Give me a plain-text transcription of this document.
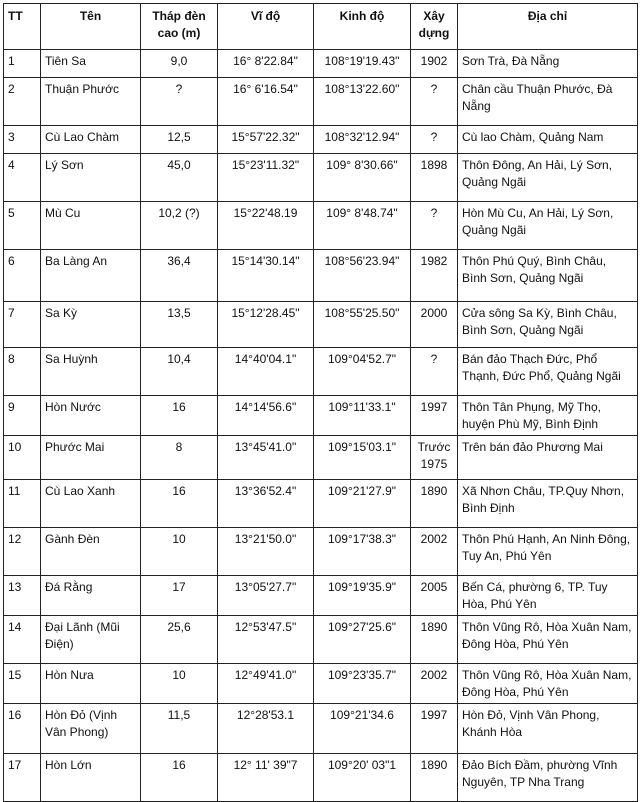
TT	Tên	Tháp đèn cao (m)	Vĩ độ	Kinh độ	Xây dựng	Địa chỉ
1	Tiên Sa	9,0	16° 8'22.84"	108°19'19.43"	1902	Sơn Trà, Đà Nẵng
2	Thuận Phước	?	16° 6'16.54"	108°13'22.60"	?	Chân cầu Thuận Phước, Đà Nẵng
3	Cù Lao Chàm	12,5	15°57'22.32"	108°32'12.94"	?	Cù lao Chàm, Quảng Nam
4	Lý Sơn	45,0	15°23'11.32"	109° 8'30.66"	1898	Thôn Đông, An Hải, Lý Sơn, Quảng Ngãi
5	Mù Cu	10,2 (?)	15°22'48.19	109° 8'48.74"	?	Hòn Mù Cu, An Hải, Lý Sơn, Quảng Ngãi
6	Ba Làng An	36,4	15°14'30.14"	108°56'23.94"	1982	Thôn Phú Quý, Bình Châu, Bình Sơn, Quảng Ngãi
7	Sa Kỳ	13,5	15°12'28.45"	108°55'25.50"	2000	Cửa sông Sa Kỳ, Bình Châu, Bình Sơn, Quảng Ngãi
8	Sa Huỳnh	10,4	14°40'04.1"	109°04'52.7"	?	Bán đảo Thạch Đức, Phổ Thạnh, Đức Phổ, Quảng Ngãi
9	Hòn Nước	16	14°14'56.6"	109°11'33.1"	1997	Thôn Tân Phụng, Mỹ Thọ, huyện Phù Mỹ, Bình Định
10	Phước Mai	8	13°45'41.0"	109°15'03.1"	Trước 1975	Trên bán đảo Phương Mai
11	Cù Lao Xanh	16	13°36'52.4"	109°21'27.9"	1890	Xã Nhơn Châu, TP.Quy Nhơn, Bình Định
12	Gành Đèn	10	13°21'50.0"	109°17'38.3"	2002	Thôn Phú Hạnh, An Ninh Đông, Tuy An, Phú Yên
13	Đá Rằng	17	13°05'27.7"	109°19'35.9"	2005	Bến Cá, phường 6, TP. Tuy Hòa, Phú Yên
14	Đại Lãnh (Mũi Điện)	25,6	12°53'47.5"	109°27'25.6"	1890	Thôn Vũng Rô, Hòa Xuân Nam, Đông Hòa, Phú Yên
15	Hòn Nưa	10	12°49'41.0"	109°23'35.7"	2002	Thôn Vũng Rô, Hòa Xuân Nam, Đông Hòa, Phú Yên
16	Hòn Đỏ (Vịnh Vân Phong)	11,5	12°28'53.1	109°21'34.6	1997	Hòn Đỏ, Vịnh Vân Phong, Khánh Hòa
17	Hòn Lớn	16	12° 11' 39"7	109°20' 03"1	1890	Đảo Bích Đầm, phường Vĩnh Nguyên, TP Nha Trang
